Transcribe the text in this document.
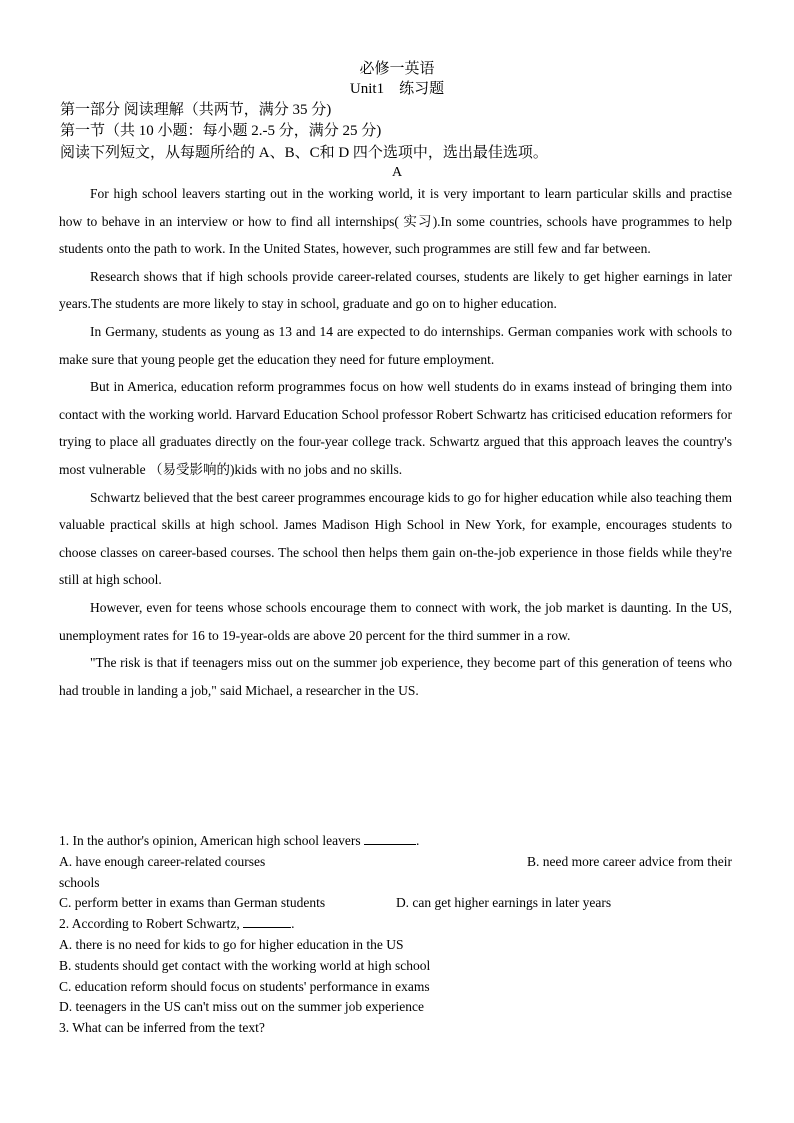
必修一英语
Unit1    练习题
第一部分 阅读理解（共两节，满分 35 分)
第一节（共 10 小题：每小题 2.-5 分，满分 25 分)
阅读下列短文，从每题所给的 A、B、C和 D 四个选项中，选出最佳选项。
A

For high school leavers starting out in the working world, it is very important to learn particular skills and practise how to behave in an interview or how to find all internships( 实习).In some countries, schools have programmes to help students onto the path to work. In the United States, however, such programmes are still few and far between.

Research shows that if high schools provide career-related courses, students are likely to get higher earnings in later years.The students are more likely to stay in school, graduate and go on to higher education.

In Germany, students as young as 13 and 14 are expected to do internships. German companies work with schools to make sure that young people get the education they need for future employment.

But in America, education reform programmes focus on how well students do in exams instead of bringing them into contact with the working world. Harvard Education School professor Robert Schwartz has criticised education reformers for trying to place all graduates directly on the four-year college track. Schwartz argued that this approach leaves the country's most vulnerable （易受影响的)kids with no jobs and no skills.

Schwartz believed that the best career programmes encourage kids to go for higher education while also teaching them valuable practical skills at high school. James Madison High School in New York, for example, encourages students to choose classes on career-based courses. The school then helps them gain on-the-job experience in those fields while they're still at high school.

However, even for teens whose schools encourage them to connect with work, the job market is daunting. In the US, unemployment rates for 16 to 19-year-olds are above 20 percent for the third summer in a row.

"The risk is that if teenagers miss out on the summer job experience, they become part of this generation of teens who had trouble in landing a job," said Michael, a researcher in the US.

1. In the author's opinion, American high school leavers	.
A. have enough career-related courses	B. need more career advice from their
schools
C. perform better in exams than German students	D. can get higher earnings in later years
2. According to Robert Schwartz,	.
A. there is no need for kids to go for higher education in the US
B. students should get contact with the working world at high school
C. education reform should focus on students' performance in exams
D. teenagers in the US can't miss out on the summer job experience
3. What can be inferred from the text?
